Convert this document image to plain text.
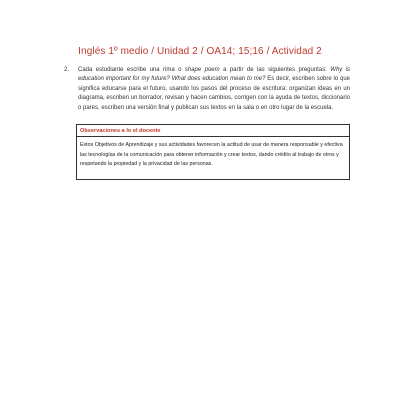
Inglés 1º medio / Unidad 2 / OA14; 15;16 / Actividad 2
2.	Cada estudiante escribe una rima o shape poem a partir de las siguientes preguntas: Why is education important for my future? What does education mean to me? Es decir, escriben sobre lo que significa educarse para el futuro, usando los pasos del proceso de escritura: organizan ideas en un diagrama, escriben un borrador, revisan y hacen cambios, corrigen con la ayuda de textos, diccionario o pares, escriben una versión final y publican sus textos en la sala o en otro lugar de la escuela.
Observaciones a lo el docente
Estos Objetivos de Aprendizaje y sus actividades favorecen la actitud de usar de manera responsable y efectiva las tecnologías de la comunicación para obtener información y crear textos, dando crédito al trabajo de otros y respetando la propiedad y la privacidad de las personas.
